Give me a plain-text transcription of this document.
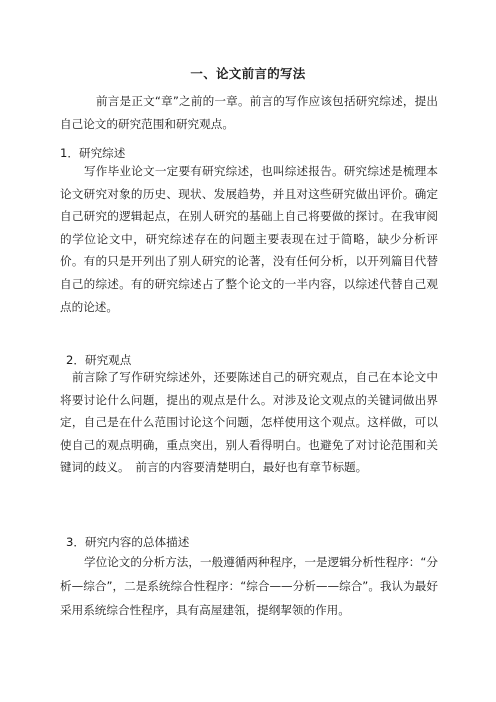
一、论文前言的写法

前言是正文“章”之前的一章。前言的写作应该包括研究综述，提出自己论文的研究范围和研究观点。

1．研究综述

写作毕业论文一定要有研究综述，也叫综述报告。研究综述是梳理本论文研究对象的历史、现状、发展趋势，并且对这些研究做出评价。确定自己研究的逻辑起点，在别人研究的基础上自己将要做的探讨。在我审阅的学位论文中，研究综述存在的问题主要表现在过于简略，缺少分析评价。有的只是开列出了别人研究的论著，没有任何分析，以开列篇目代替自己的综述。有的研究综述占了整个论文的一半内容，以综述代替自己观点的论述。

2．研究观点

前言除了写作研究综述外，还要陈述自己的研究观点，自己在本论文中将要讨论什么问题，提出的观点是什么。对涉及论文观点的关键词做出界定，自己是在什么范围讨论这个问题，怎样使用这个观点。这样做，可以使自己的观点明确，重点突出，别人看得明白。也避免了对讨论范围和关键词的歧义。　前言的内容要清楚明白，最好也有章节标题。

3．研究内容的总体描述

学位论文的分析方法，一般遵循两种程序，一是逻辑分析性程序：“分析—综合”，二是系统综合性程序：“综合——分析——综合”。我认为最好采用系统综合性程序，具有高屋建瓴，提纲挈领的作用。
